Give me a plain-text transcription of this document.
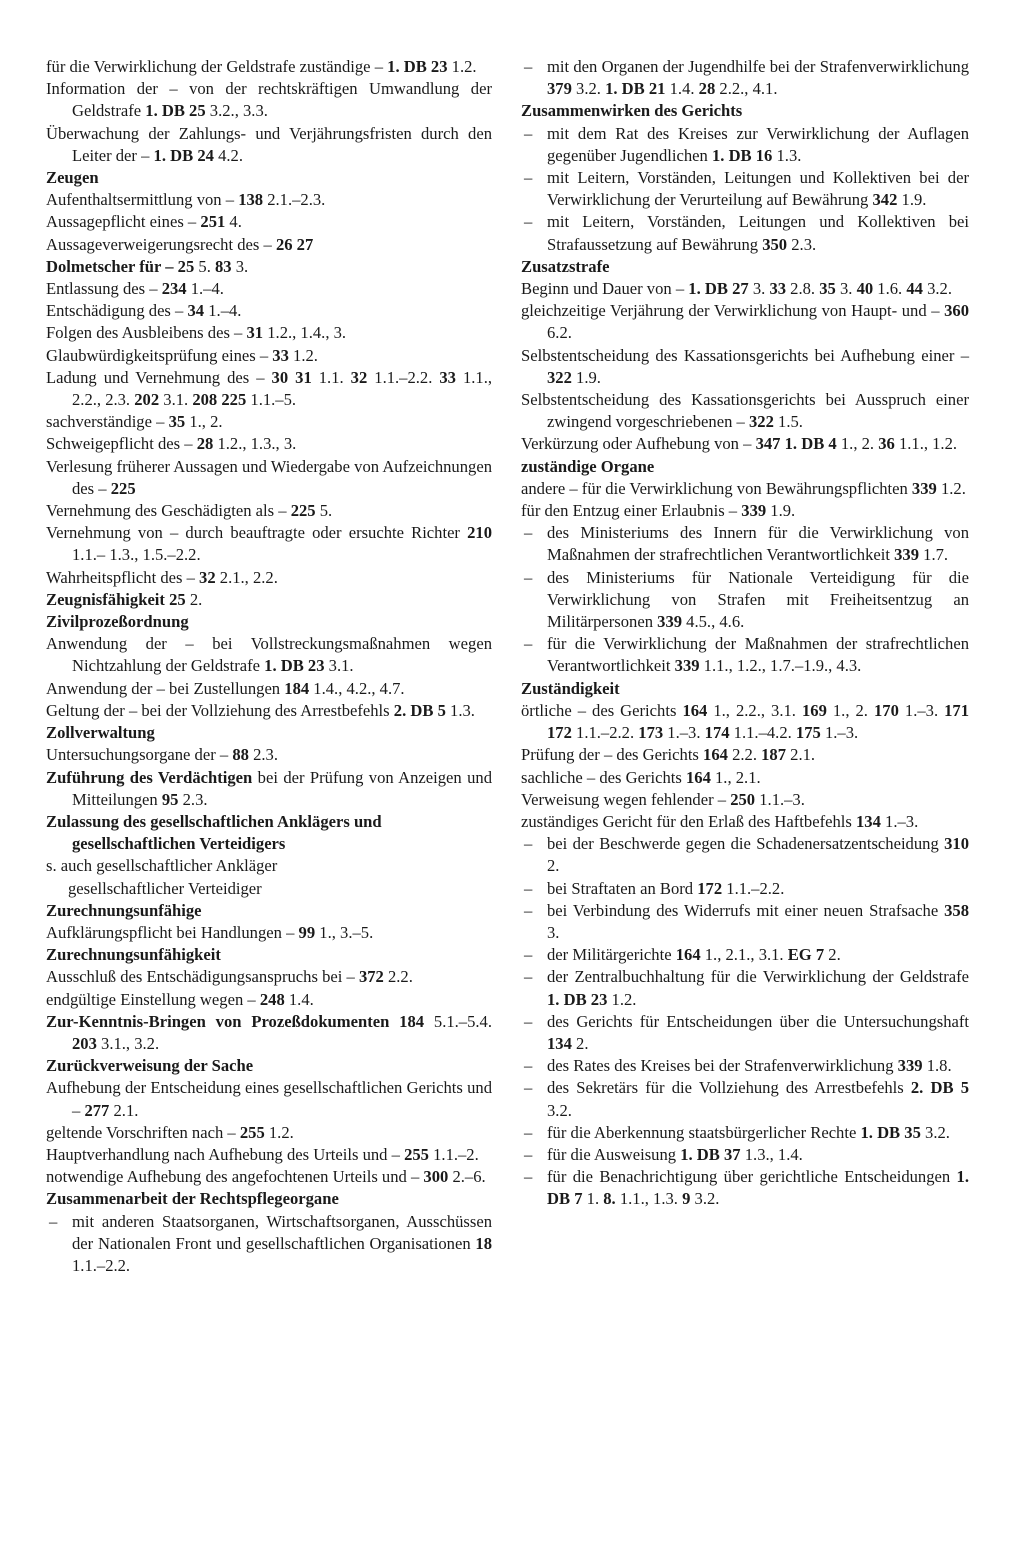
für die Verwirklichung der Geldstrafe zuständige – 1. DB 23 1.2.
Information der – von der rechtskräftigen Umwandlung der Geldstrafe 1. DB 25 3.2., 3.3.
Überwachung der Zahlungs- und Verjährungsfristen durch den Leiter der – 1. DB 24 4.2.
Zeugen
Aufenthaltsermittlung von – 138 2.1.–2.3.
Aussagepflicht eines – 251 4.
Aussageverweigerungsrecht des – 26 27
Dolmetscher für – 25 5. 83 3.
Entlassung des – 234 1.–4.
Entschädigung des – 34 1.–4.
Folgen des Ausbleibens des – 31 1.2., 1.4., 3.
Glaubwürdigkeitsprüfung eines – 33 1.2.
Ladung und Vernehmung des – 30 31 1.1. 32 1.1.–2.2. 33 1.1., 2.2., 2.3. 202 3.1. 208 225 1.1.–5.
sachverständige – 35 1., 2.
Schweigepflicht des – 28 1.2., 1.3., 3.
Verlesung früherer Aussagen und Wiedergabe von Aufzeichnungen des – 225
Vernehmung des Geschädigten als – 225 5.
Vernehmung von – durch beauftragte oder ersuchte Richter 210 1.1.– 1.3., 1.5.–2.2.
Wahrheitspflicht des – 32 2.1., 2.2.
Zeugnisfähigkeit 25 2.
Zivilprozeßordnung
Anwendung der – bei Vollstreckungsmaßnahmen wegen Nichtzahlung der Geldstrafe 1. DB 23 3.1.
Anwendung der – bei Zustellungen 184 1.4., 4.2., 4.7.
Geltung der – bei der Vollziehung des Arrestbefehls 2. DB 5 1.3.
Zollverwaltung
Untersuchungsorgane der – 88 2.3.
Zuführung des Verdächtigen bei der Prüfung von Anzeigen und Mitteilungen 95 2.3.
Zulassung des gesellschaftlichen Anklägers und gesellschaftlichen Verteidigers
s. auch gesellschaftlicher Ankläger
gesellschaftlicher Verteidiger
Zurechnungsunfähige
Aufklärungspflicht bei Handlungen – 99 1., 3.–5.
Zurechnungsunfähigkeit
Ausschluß des Entschädigungsanspruchs bei – 372 2.2.
endgültige Einstellung wegen – 248 1.4.
Zur-Kenntnis-Bringen von Prozeßdokumenten 184 5.1.–5.4. 203 3.1., 3.2.
Zurückverweisung der Sache
Aufhebung der Entscheidung eines gesellschaftlichen Gerichts und – 277 2.1.
geltende Vorschriften nach – 255 1.2.
Hauptverhandlung nach Aufhebung des Urteils und – 255 1.1.–2.
notwendige Aufhebung des angefochtenen Urteils und – 300 2.–6.
Zusammenarbeit der Rechtspflegeorgane
– mit anderen Staatsorganen, Wirtschaftsorganen, Ausschüssen der Nationalen Front und gesellschaftlichen Organisationen 18 1.1.–2.2.
– mit den Organen der Jugendhilfe bei der Strafenverwirklichung 379 3.2. 1. DB 21 1.4. 28 2.2., 4.1.
Zusammenwirken des Gerichts
– mit dem Rat des Kreises zur Verwirklichung der Auflagen gegenüber Jugendlichen 1. DB 16 1.3.
– mit Leitern, Vorständen, Leitungen und Kollektiven bei der Verwirklichung der Verurteilung auf Bewährung 342 1.9.
– mit Leitern, Vorständen, Leitungen und Kollektiven bei Strafaussetzung auf Bewährung 350 2.3.
Zusatzstrafe
Beginn und Dauer von – 1. DB 27 3. 33 2.8. 35 3. 40 1.6. 44 3.2.
gleichzeitige Verjährung der Verwirklichung von Haupt- und – 360 6.2.
Selbstentscheidung des Kassationsgerichts bei Aufhebung einer – 322 1.9.
Selbstentscheidung des Kassationsgerichts bei Ausspruch einer zwingend vorgeschriebenen – 322 1.5.
Verkürzung oder Aufhebung von – 347 1. DB 4 1., 2. 36 1.1., 1.2.
zuständige Organe
andere – für die Verwirklichung von Bewährungspflichten 339 1.2.
für den Entzug einer Erlaubnis – 339 1.9.
– des Ministeriums des Innern für die Verwirklichung von Maßnahmen der strafrechtlichen Verantwortlichkeit 339 1.7.
– des Ministeriums für Nationale Verteidigung für die Verwirklichung von Strafen mit Freiheitsentzug an Militärpersonen 339 4.5., 4.6.
– für die Verwirklichung der Maßnahmen der strafrechtlichen Verantwortlichkeit 339 1.1., 1.2., 1.7.–1.9., 4.3.
Zuständigkeit
örtliche – des Gerichts 164 1., 2.2., 3.1. 169 1., 2. 170 1.–3. 171 172 1.1.–2.2. 173 1.–3. 174 1.1.–4.2. 175 1.–3.
Prüfung der – des Gerichts 164 2.2. 187 2.1.
sachliche – des Gerichts 164 1., 2.1.
Verweisung wegen fehlender – 250 1.1.–3.
zuständiges Gericht für den Erlaß des Haftbefehls 134 1.–3.
– bei der Beschwerde gegen die Schadenersatzentscheidung 310 2.
– bei Straftaten an Bord 172 1.1.–2.2.
– bei Verbindung des Widerrufs mit einer neuen Strafsache 358 3.
– der Militärgerichte 164 1., 2.1., 3.1. EG 7 2.
– der Zentralbuchhaltung für die Verwirklichung der Geldstrafe 1. DB 23 1.2.
– des Gerichts für Entscheidungen über die Untersuchungshaft 134 2.
– des Rates des Kreises bei der Strafenverwirklichung 339 1.8.
– des Sekretärs für die Vollziehung des Arrestbefehls 2. DB 5 3.2.
– für die Aberkennung staatsbürgerlicher Rechte 1. DB 35 3.2.
– für die Ausweisung 1. DB 37 1.3., 1.4.
– für die Benachrichtigung über gerichtliche Entscheidungen 1. DB 7 1. 8. 1.1., 1.3. 9 3.2.
